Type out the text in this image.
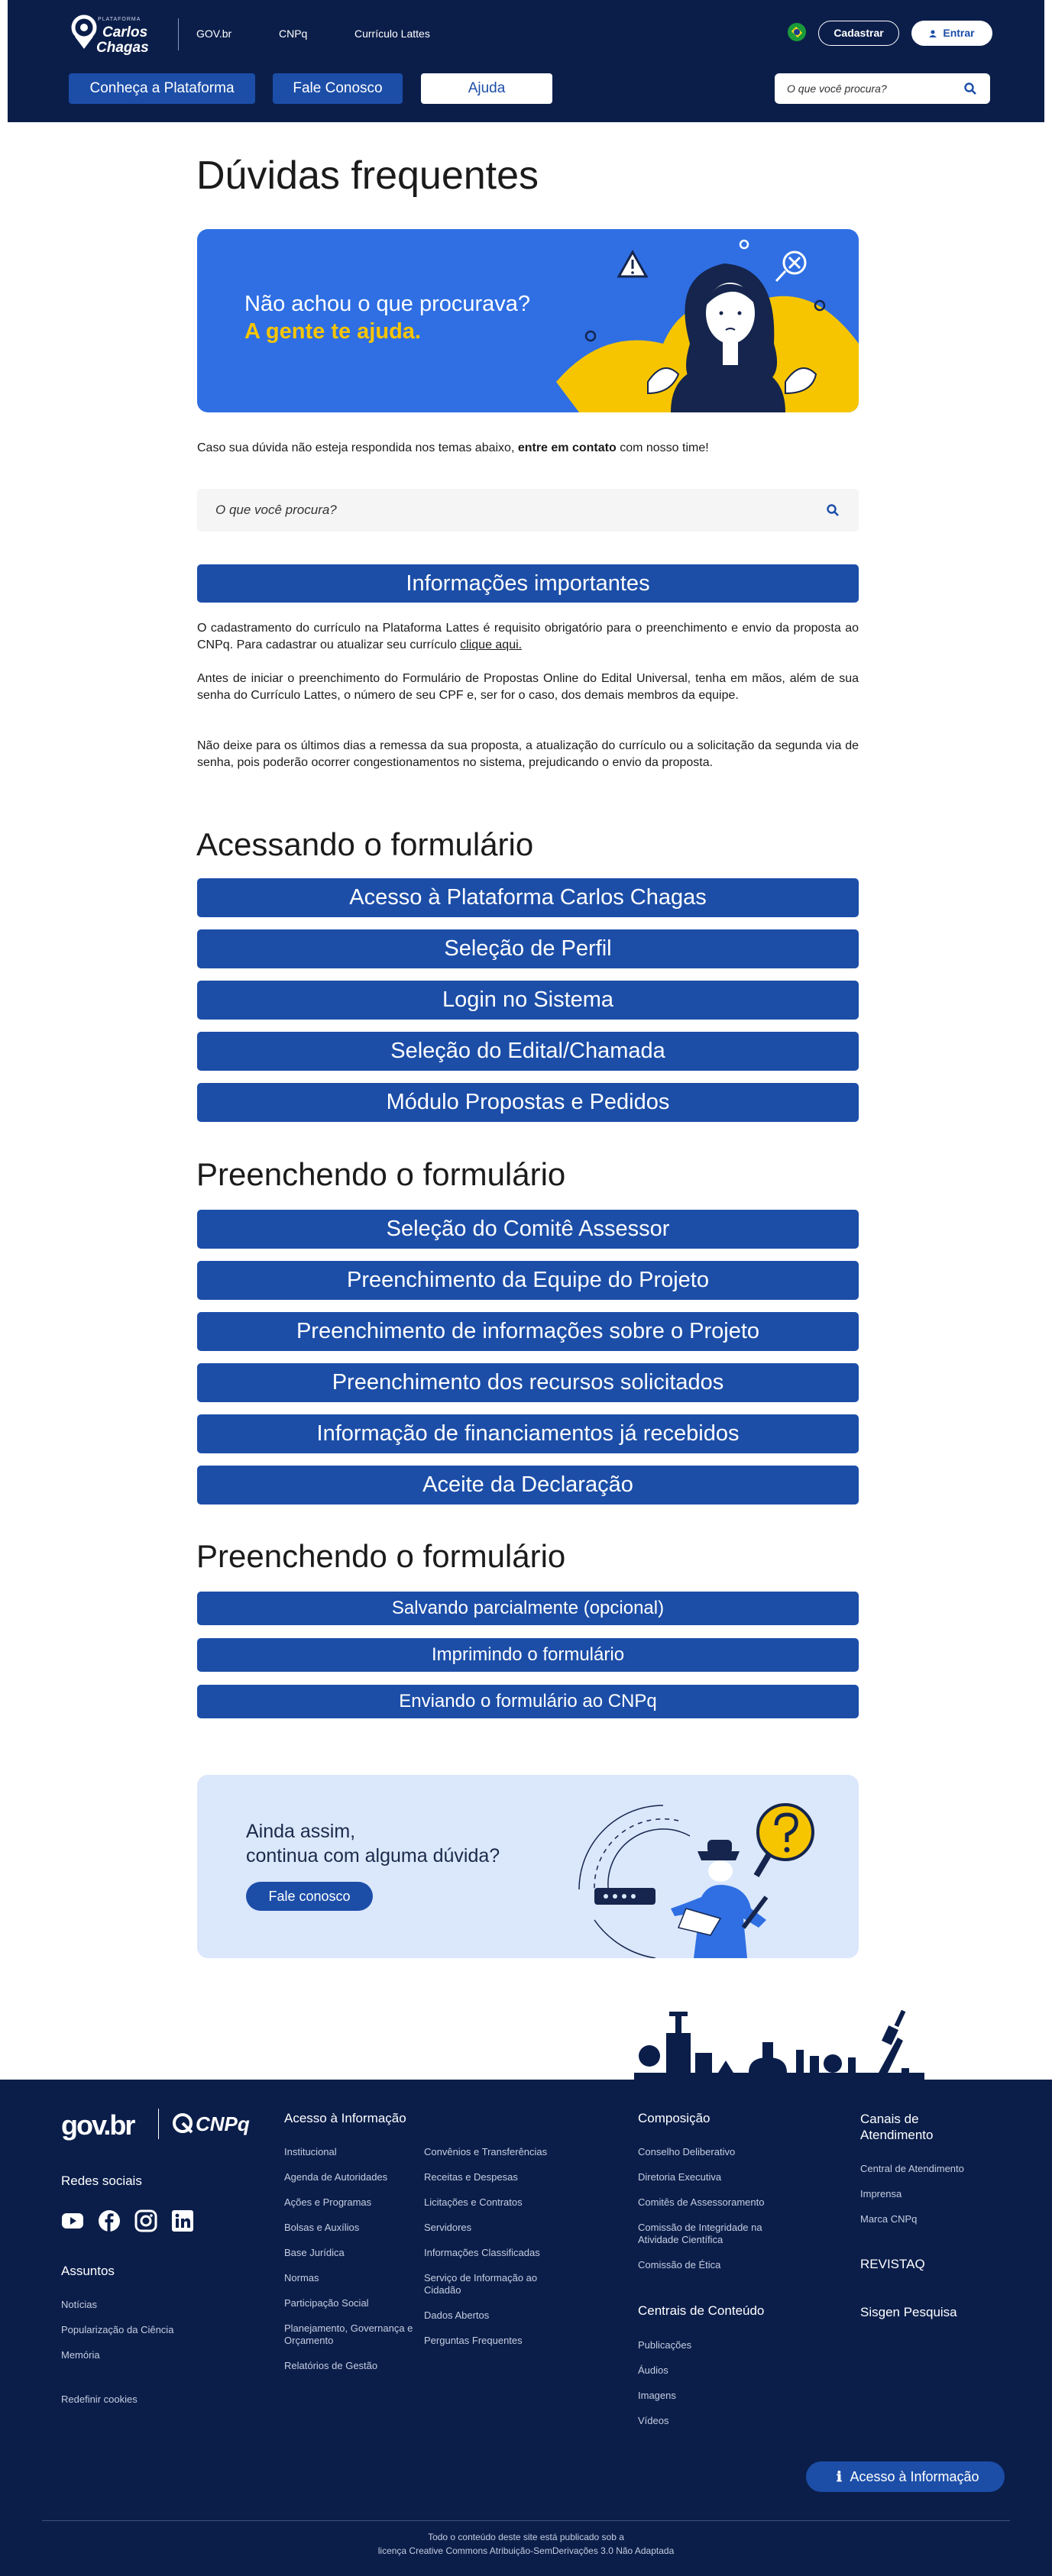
PLATAFORMA
Carlos
Chagas
GOV.br	CNPq	Currículo Lattes	Cadastrar	Entrar
Conheça a Plataforma	Fale Conosco	Ajuda
O que você procura?
Dúvidas frequentes
Não achou o que procurava?
A gente te ajuda.

Caso sua dúvida não esteja respondida nos temas abaixo, entre em contato com nosso time!

O que você procura?
Informações importantes

O cadastramento do currículo na Plataforma Lattes é requisito obrigatório para o preenchimento e envio da proposta ao CNPq. Para cadastrar ou atualizar seu currículo clique aqui.

Antes de iniciar o preenchimento do Formulário de Propostas Online do Edital Universal, tenha em mãos, além de sua senha do Currículo Lattes, o número de seu CPF e, ser for o caso, dos demais membros da equipe.

Não deixe para os últimos dias a remessa da sua proposta, a atualização do currículo ou a solicitação da segunda via de senha, pois poderão ocorrer congestionamentos no sistema, prejudicando o envio da proposta.

Acessando o formulário
Acesso à Plataforma Carlos Chagas
Seleção de Perfil
Login no Sistema
Seleção do Edital/Chamada
Módulo Propostas e Pedidos
Preenchendo o formulário
Seleção do Comitê Assessor
Preenchimento da Equipe do Projeto
Preenchimento de informações sobre o Projeto
Preenchimento dos recursos solicitados
Informação de financiamentos já recebidos
Aceite da Declaração
Preenchendo o formulário
Salvando parcialmente (opcional)
Imprimindo o formulário
Enviando o formulário ao CNPq
Ainda assim,
continua com alguma dúvida?
Fale conosco
gov.br	CNPq
Redes sociais
Assuntos
Notícias
Popularização da Ciência
Memória
Redefinir cookies
Acesso à Informação
Institucional
Agenda de Autoridades
Ações e Programas
Bolsas e Auxílios
Base Jurídica
Normas
Participação Social
Planejamento, Governança e Orçamento
Relatórios de Gestão
Convênios e Transferências
Receitas e Despesas
Licitações e Contratos
Servidores
Informações Classificadas
Serviço de Informação ao Cidadão
Dados Abertos
Perguntas Frequentes
Composição
Conselho Deliberativo
Diretoria Executiva
Comitês de Assessoramento
Comissão de Integridade na Atividade Científica
Comissão de Ética
Centrais de Conteúdo
Publicações
Áudios
Imagens
Vídeos
Canais de Atendimento
Central de Atendimento
Imprensa
Marca CNPq
REVISTAQ
Sisgen Pesquisa
ℹ Acesso à Informação

Todo o conteúdo deste site está publicado sob a

licença Creative Commons Atribuição-SemDerivações 3.0 Não Adaptada
